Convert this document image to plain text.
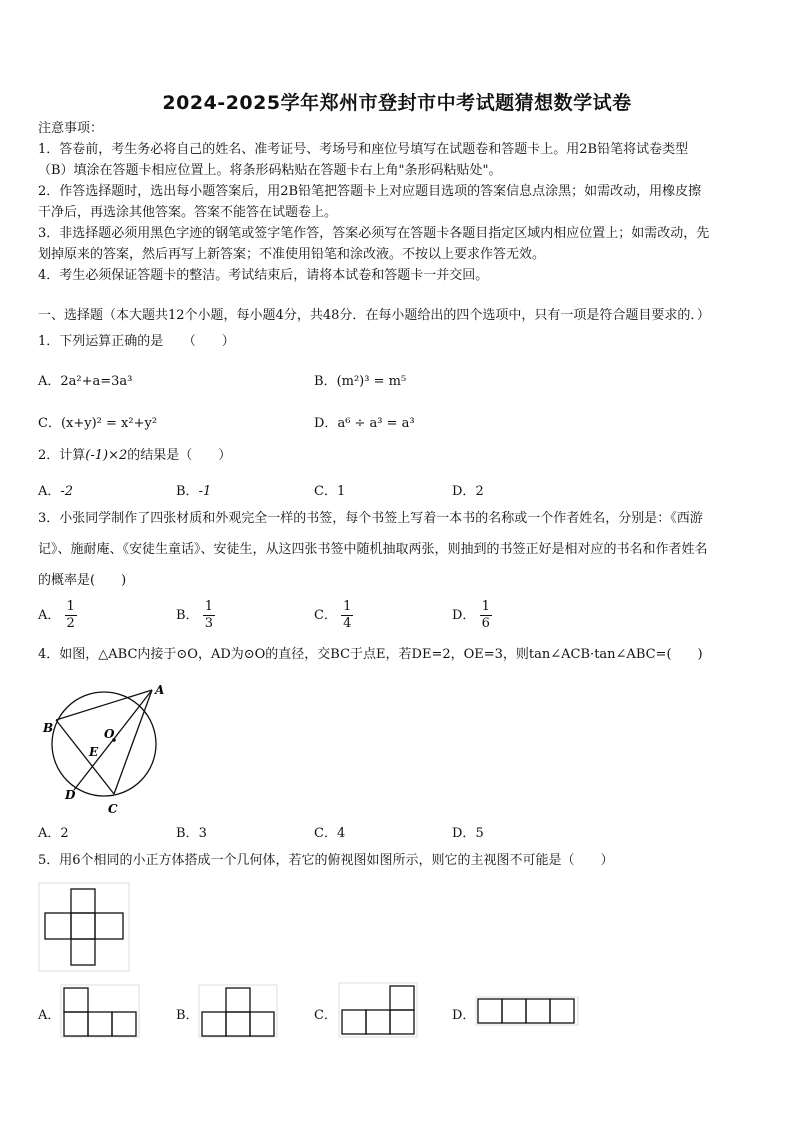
2024-2025学年郑州市登封市中考试题猜想数学试卷
注意事项：
1．答卷前，考生务必将自己的姓名、准考证号、考场号和座位号填写在试题卷和答题卡上。用2B铅笔将试卷类型
（B）填涂在答题卡相应位置上。将条形码粘贴在答题卡右上角"条形码粘贴处"。
2．作答选择题时，选出每小题答案后，用2B铅笔把答题卡上对应题目选项的答案信息点涂黑；如需改动，用橡皮擦
干净后，再选涂其他答案。答案不能答在试题卷上。
3．非选择题必须用黑色字迹的钢笔或签字笔作答，答案必须写在答题卡各题目指定区域内相应位置上；如需改动，先
划掉原来的答案，然后再写上新答案；不准使用铅笔和涂改液。不按以上要求作答无效。
4．考生必须保证答题卡的整洁。考试结束后，请将本试卷和答题卡一并交回。
一、选择题（本大题共12个小题，每小题4分，共48分．在每小题给出的四个选项中，只有一项是符合题目要求的．）
1．下列运算正确的是　　（　　）
A．2a²+a=3a³	B．(m²)³ = m⁵
C．(x+y)² = x²+y²	D．a⁶ ÷ a³ = a³
2．计算(-1)×2的结果是（　　）
A．-2	B．-1	C．1	D．2
3．小张同学制作了四张材质和外观完全一样的书签，每个书签上写着一本书的名称或一个作者姓名，分别是：《西游
记》、施耐庵、《安徒生童话》、安徒生，从这四张书签中随机抽取两张，则抽到的书签正好是相对应的书名和作者姓名
的概率是(　　)
A． $\frac{1}{2}$	B． $\frac{1}{3}$	C． $\frac{1}{4}$	D． $\frac{1}{6}$
4．如图，△ABC内接于⊙O，AD为⊙O的直径，交BC于点E，若DE=2，OE=3，则tan∠ACB·tan∠ABC=(　　)
A
B
C
D
E
O
A．2	B．3	C．4	D．5
5．用6个相同的小正方体搭成一个几何体，若它的俯视图如图所示，则它的主视图不可能是（　　）
A．	B．	C．	D．
